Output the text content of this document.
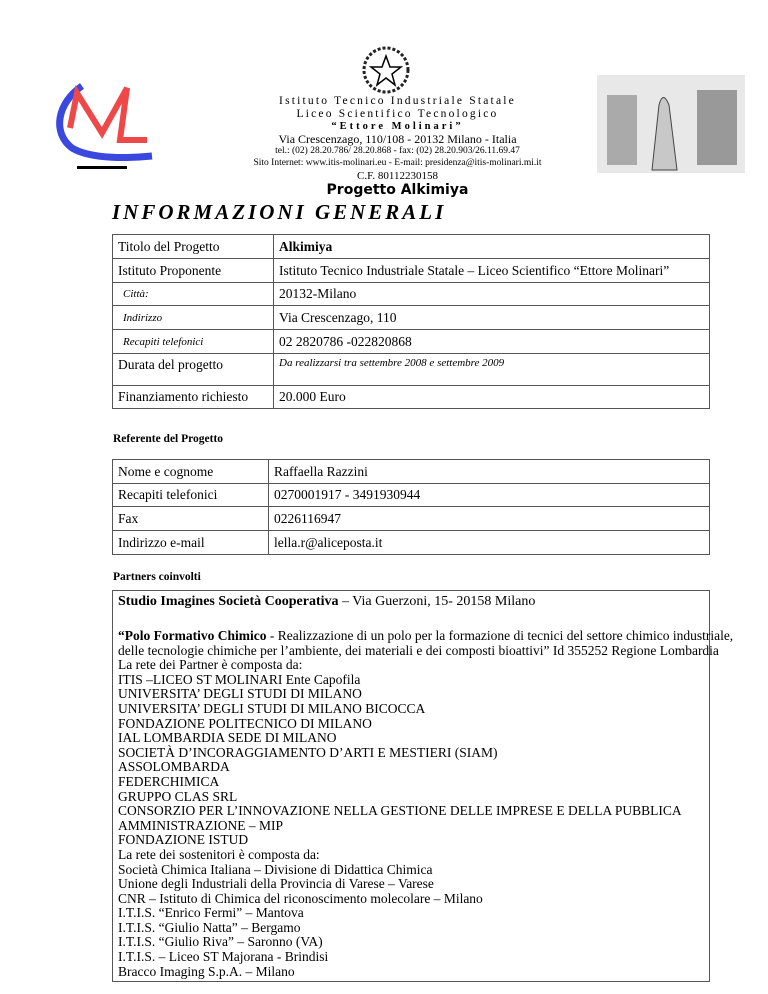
Istituto Tecnico Industriale Statale
Liceo Scientifico Tecnologico
“Ettore Molinari”
Via Crescenzago, 110/108 - 20132 Milano - Italia
tel.: (02) 28.20.786/ 28.20.868 - fax: (02) 28.20.903/26.11.69.47
Sito Internet: www.itis-molinari.eu - E-mail: presidenza@itis-molinari.mi.it
C.F. 80112230158
Progetto Alkimiya
INFORMAZIONI GENERALI
Titolo del Progetto	Alkimiya
Istituto Proponente	Istituto Tecnico Industriale Statale – Liceo Scientifico “Ettore Molinari”
Città:	20132-Milano
Indirizzo	Via Crescenzago, 110
Recapiti telefonici	02 2820786 -022820868
Durata del progetto	Da realizzarsi tra settembre 2008 e settembre 2009
Finanziamento richiesto	20.000 Euro
Referente del Progetto
Nome e cognome	Raffaella Razzini
Recapiti telefonici	0270001917 - 3491930944
Fax	0226116947
Indirizzo e-mail	lella.r@aliceposta.it
Partners coinvolti
Studio Imagines Società Cooperativa – Via Guerzoni, 15- 20158 Milano
“Polo Formativo Chimico - Realizzazione di un polo per la formazione di tecnici del settore chimico industriale,
delle tecnologie chimiche per l’ambiente, dei materiali e dei composti bioattivi” Id 355252 Regione Lombardia
La rete dei Partner è composta da:
ITIS –LICEO ST MOLINARI Ente Capofila
UNIVERSITA’ DEGLI STUDI DI MILANO
UNIVERSITA’ DEGLI STUDI DI MILANO BICOCCA
FONDAZIONE POLITECNICO DI MILANO
IAL LOMBARDIA SEDE DI MILANO
SOCIETÀ D’INCORAGGIAMENTO D’ARTI E MESTIERI (SIAM)
ASSOLOMBARDA
FEDERCHIMICA
GRUPPO CLAS SRL
CONSORZIO PER L’INNOVAZIONE NELLA GESTIONE DELLE IMPRESE E DELLA PUBBLICA
AMMINISTRAZIONE – MIP
FONDAZIONE ISTUD
La rete dei sostenitori è composta da:
Società Chimica Italiana – Divisione di Didattica Chimica
Unione degli Industriali della Provincia di Varese – Varese
CNR – Istituto di Chimica del riconoscimento molecolare – Milano
I.T.I.S. “Enrico Fermi” – Mantova
I.T.I.S. “Giulio Natta” – Bergamo
I.T.I.S. “Giulio Riva” – Saronno (VA)
I.T.I.S. – Liceo ST Majorana - Brindisi
Bracco Imaging S.p.A. – Milano
